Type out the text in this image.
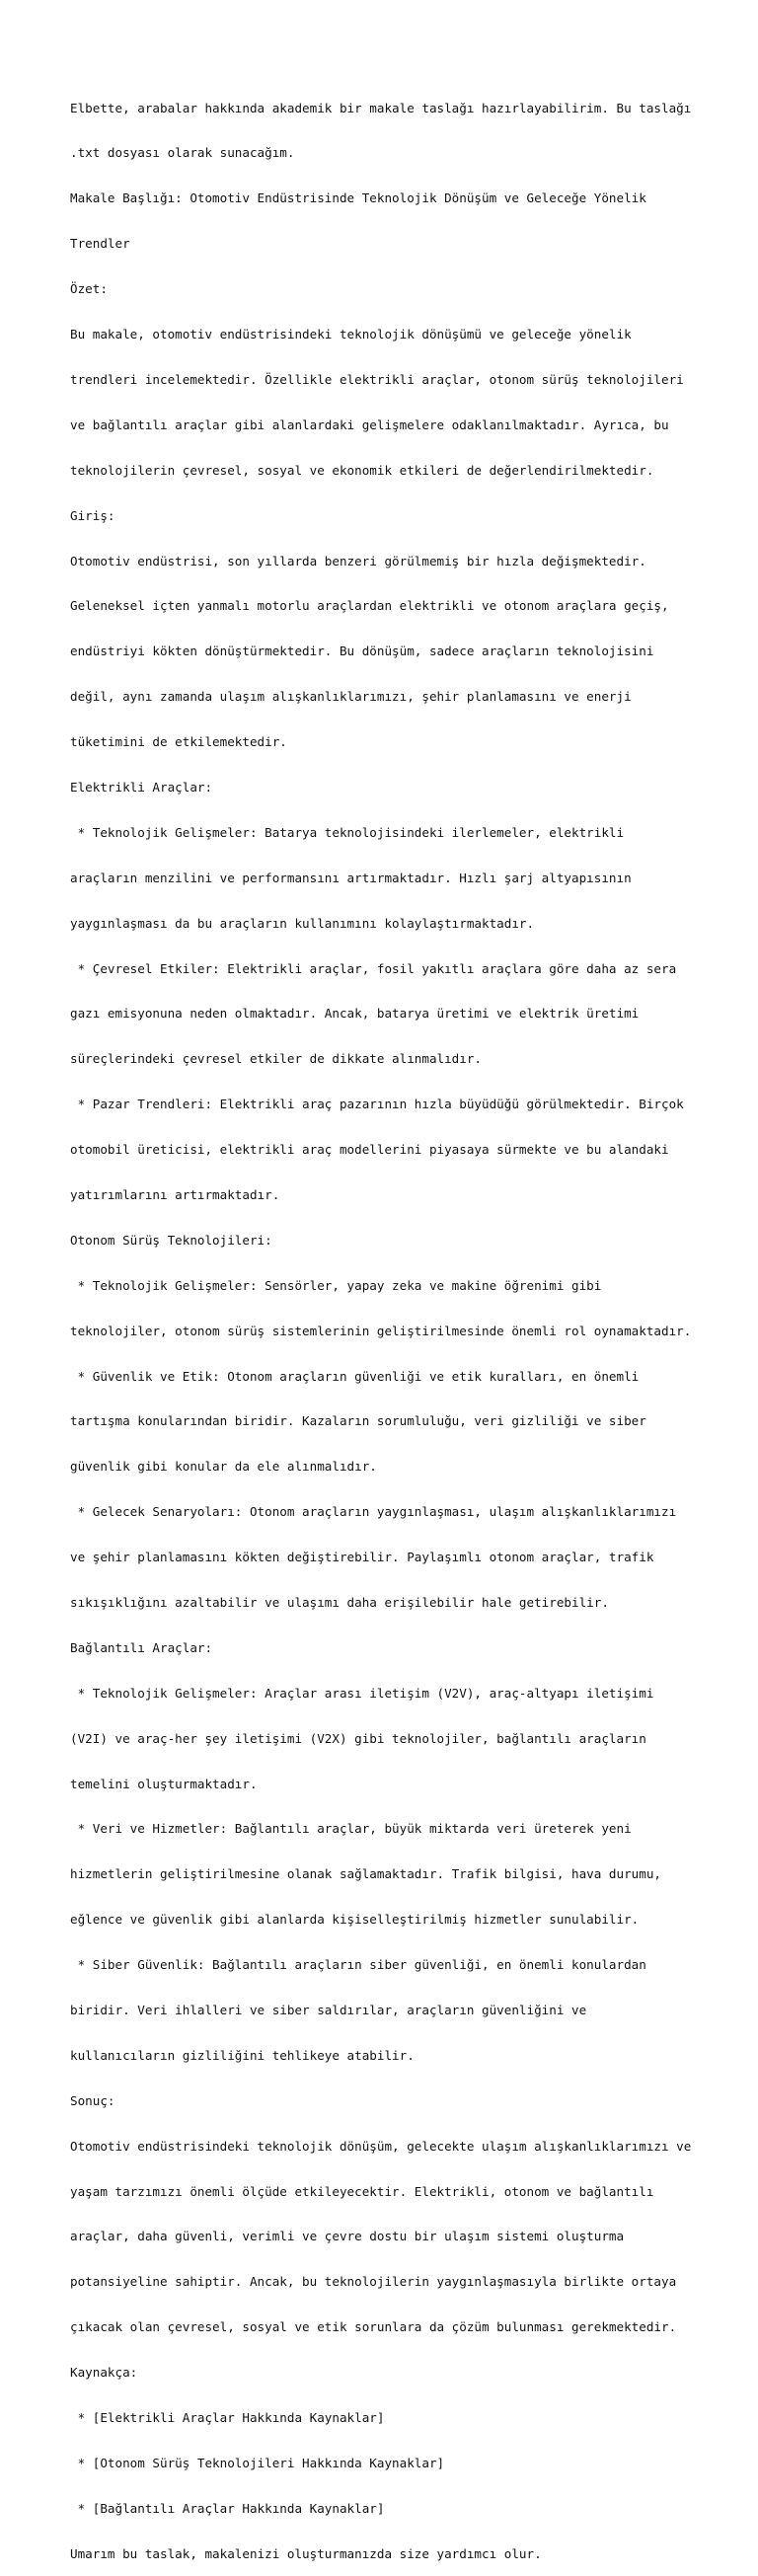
Elbette, arabalar hakkında akademik bir makale taslağı hazırlayabilirim. Bu taslağı

.txt dosyası olarak sunacağım.

Makale Başlığı: Otomotiv Endüstrisinde Teknolojik Dönüşüm ve Geleceğe Yönelik

Trendler

Özet:

Bu makale, otomotiv endüstrisindeki teknolojik dönüşümü ve geleceğe yönelik

trendleri incelemektedir. Özellikle elektrikli araçlar, otonom sürüş teknolojileri

ve bağlantılı araçlar gibi alanlardaki gelişmelere odaklanılmaktadır. Ayrıca, bu

teknolojilerin çevresel, sosyal ve ekonomik etkileri de değerlendirilmektedir.

Giriş:

Otomotiv endüstrisi, son yıllarda benzeri görülmemiş bir hızla değişmektedir.

Geleneksel içten yanmalı motorlu araçlardan elektrikli ve otonom araçlara geçiş,

endüstriyi kökten dönüştürmektedir. Bu dönüşüm, sadece araçların teknolojisini

değil, aynı zamanda ulaşım alışkanlıklarımızı, şehir planlamasını ve enerji

tüketimini de etkilemektedir.

Elektrikli Araçlar:

* Teknolojik Gelişmeler: Batarya teknolojisindeki ilerlemeler, elektrikli

araçların menzilini ve performansını artırmaktadır. Hızlı şarj altyapısının

yaygınlaşması da bu araçların kullanımını kolaylaştırmaktadır.

* Çevresel Etkiler: Elektrikli araçlar, fosil yakıtlı araçlara göre daha az sera

gazı emisyonuna neden olmaktadır. Ancak, batarya üretimi ve elektrik üretimi

süreçlerindeki çevresel etkiler de dikkate alınmalıdır.

* Pazar Trendleri: Elektrikli araç pazarının hızla büyüdüğü görülmektedir. Birçok

otomobil üreticisi, elektrikli araç modellerini piyasaya sürmekte ve bu alandaki

yatırımlarını artırmaktadır.

Otonom Sürüş Teknolojileri:

* Teknolojik Gelişmeler: Sensörler, yapay zeka ve makine öğrenimi gibi

teknolojiler, otonom sürüş sistemlerinin geliştirilmesinde önemli rol oynamaktadır.

* Güvenlik ve Etik: Otonom araçların güvenliği ve etik kuralları, en önemli

tartışma konularından biridir. Kazaların sorumluluğu, veri gizliliği ve siber

güvenlik gibi konular da ele alınmalıdır.

* Gelecek Senaryoları: Otonom araçların yaygınlaşması, ulaşım alışkanlıklarımızı

ve şehir planlamasını kökten değiştirebilir. Paylaşımlı otonom araçlar, trafik

sıkışıklığını azaltabilir ve ulaşımı daha erişilebilir hale getirebilir.

Bağlantılı Araçlar:

* Teknolojik Gelişmeler: Araçlar arası iletişim (V2V), araç-altyapı iletişimi

(V2I) ve araç-her şey iletişimi (V2X) gibi teknolojiler, bağlantılı araçların

temelini oluşturmaktadır.

* Veri ve Hizmetler: Bağlantılı araçlar, büyük miktarda veri üreterek yeni

hizmetlerin geliştirilmesine olanak sağlamaktadır. Trafik bilgisi, hava durumu,

eğlence ve güvenlik gibi alanlarda kişiselleştirilmiş hizmetler sunulabilir.

* Siber Güvenlik: Bağlantılı araçların siber güvenliği, en önemli konulardan

biridir. Veri ihlalleri ve siber saldırılar, araçların güvenliğini ve

kullanıcıların gizliliğini tehlikeye atabilir.

Sonuç:

Otomotiv endüstrisindeki teknolojik dönüşüm, gelecekte ulaşım alışkanlıklarımızı ve

yaşam tarzımızı önemli ölçüde etkileyecektir. Elektrikli, otonom ve bağlantılı

araçlar, daha güvenli, verimli ve çevre dostu bir ulaşım sistemi oluşturma

potansiyeline sahiptir. Ancak, bu teknolojilerin yaygınlaşmasıyla birlikte ortaya

çıkacak olan çevresel, sosyal ve etik sorunlara da çözüm bulunması gerekmektedir.

Kaynakça:

* [Elektrikli Araçlar Hakkında Kaynaklar]

* [Otonom Sürüş Teknolojileri Hakkında Kaynaklar]

* [Bağlantılı Araçlar Hakkında Kaynaklar]

Umarım bu taslak, makalenizi oluşturmanızda size yardımcı olur.
